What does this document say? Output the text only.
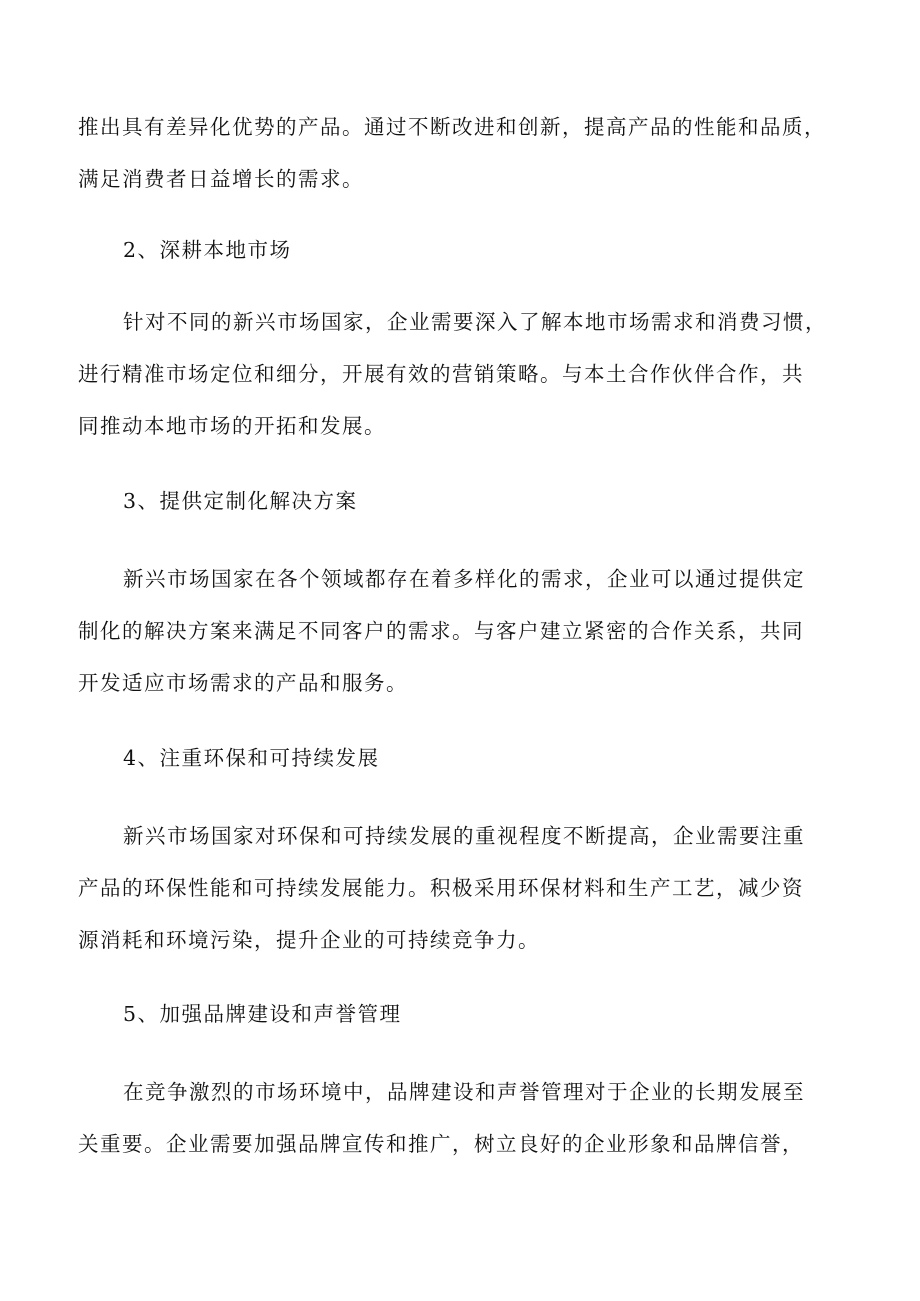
推出具有差异化优势的产品。通过不断改进和创新，提高产品的性能和品质，
满足消费者日益增长的需求。

2、深耕本地市场

针对不同的新兴市场国家，企业需要深入了解本地市场需求和消费习惯，
进行精准市场定位和细分，开展有效的营销策略。与本土合作伙伴合作，共
同推动本地市场的开拓和发展。

3、提供定制化解决方案

新兴市场国家在各个领域都存在着多样化的需求，企业可以通过提供定
制化的解决方案来满足不同客户的需求。与客户建立紧密的合作关系，共同
开发适应市场需求的产品和服务。

4、注重环保和可持续发展

新兴市场国家对环保和可持续发展的重视程度不断提高，企业需要注重
产品的环保性能和可持续发展能力。积极采用环保材料和生产工艺，减少资
源消耗和环境污染，提升企业的可持续竞争力。

5、加强品牌建设和声誉管理

在竞争激烈的市场环境中，品牌建设和声誉管理对于企业的长期发展至
关重要。企业需要加强品牌宣传和推广，树立良好的企业形象和品牌信誉，
